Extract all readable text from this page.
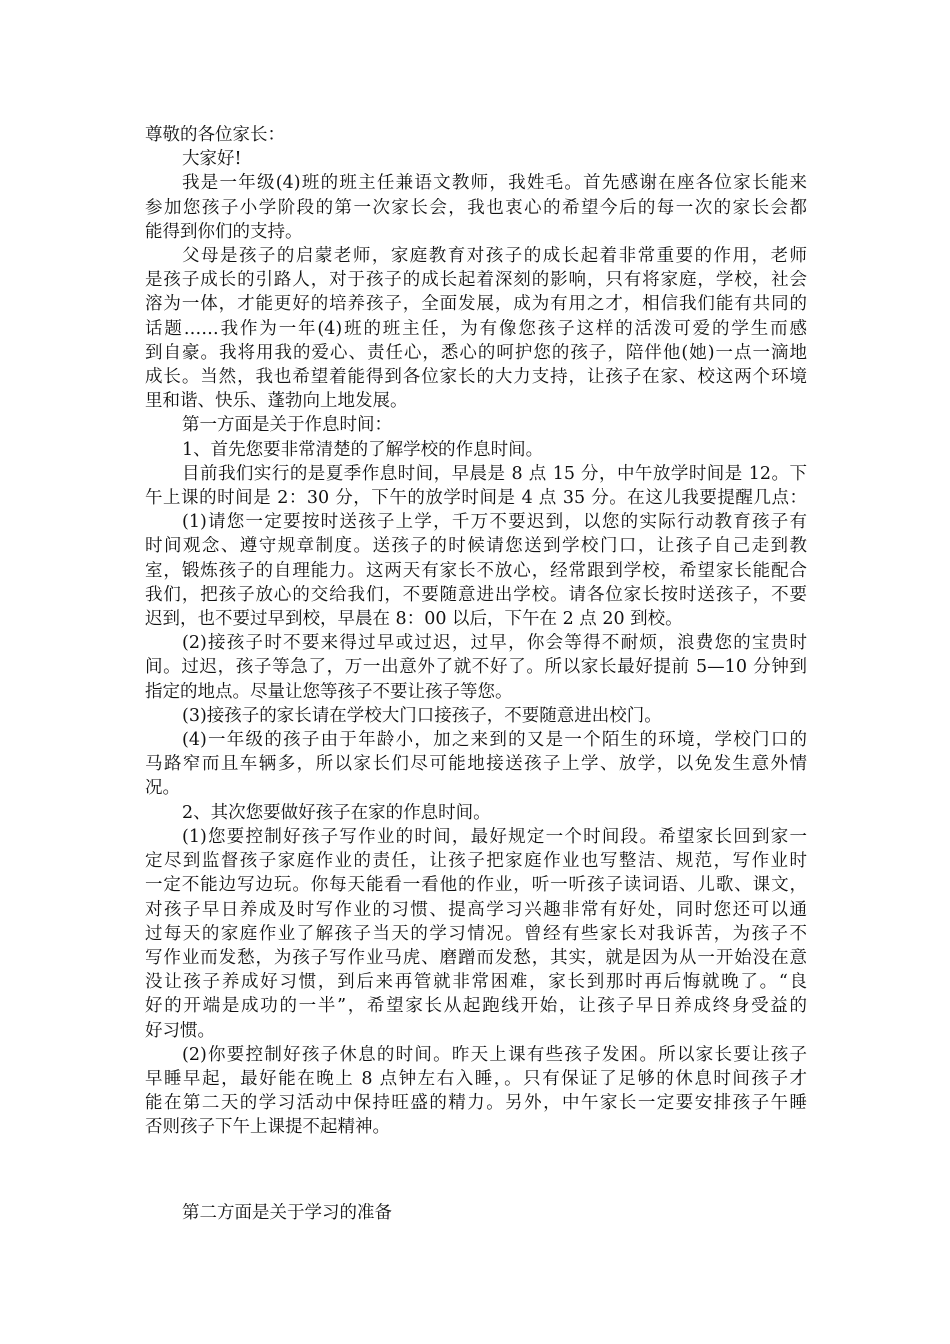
尊敬的各位家长：

大家好!

我是一年级(4)班的班主任兼语文教师，我姓毛。首先感谢在座各位家长能来

参加您孩子小学阶段的第一次家长会，我也衷心的希望今后的每一次的家长会都

能得到你们的支持。

父母是孩子的启蒙老师，家庭教育对孩子的成长起着非常重要的作用，老师

是孩子成长的引路人，对于孩子的成长起着深刻的影响，只有将家庭，学校，社会

溶为一体，才能更好的培养孩子，全面发展，成为有用之才，相信我们能有共同的

话题……我作为一年(4)班的班主任，为有像您孩子这样的活泼可爱的学生而感

到自豪。我将用我的爱心、责任心，悉心的呵护您的孩子，陪伴他(她)一点一滴地

成长。当然，我也希望着能得到各位家长的大力支持，让孩子在家、校这两个环境

里和谐、快乐、蓬勃向上地发展。

第一方面是关于作息时间：

1、首先您要非常清楚的了解学校的作息时间。

目前我们实行的是夏季作息时间，早晨是 8 点 15 分，中午放学时间是 12。下

午上课的时间是 2：30 分，下午的放学时间是 4 点 35 分。在这儿我要提醒几点：

(1)请您一定要按时送孩子上学，千万不要迟到，以您的实际行动教育孩子有

时间观念、遵守规章制度。送孩子的时候请您送到学校门口，让孩子自己走到教

室，锻炼孩子的自理能力。这两天有家长不放心，经常跟到学校，希望家长能配合

我们，把孩子放心的交给我们，不要随意进出学校。请各位家长按时送孩子，不要

迟到，也不要过早到校，早晨在 8：00 以后，下午在 2 点 20 到校。

(2)接孩子时不要来得过早或过迟，过早，你会等得不耐烦，浪费您的宝贵时

间。过迟，孩子等急了，万一出意外了就不好了。所以家长最好提前 5—10 分钟到

指定的地点。尽量让您等孩子不要让孩子等您。

(3)接孩子的家长请在学校大门口接孩子，不要随意进出校门。

(4)一年级的孩子由于年龄小，加之来到的又是一个陌生的环境，学校门口的

马路窄而且车辆多，所以家长们尽可能地接送孩子上学、放学，以免发生意外情

况。

2、其次您要做好孩子在家的作息时间。

(1)您要控制好孩子写作业的时间，最好规定一个时间段。希望家长回到家一

定尽到监督孩子家庭作业的责任，让孩子把家庭作业也写整洁、规范，写作业时

一定不能边写边玩。你每天能看一看他的作业，听一听孩子读词语、儿歌、课文，

对孩子早日养成及时写作业的习惯、提高学习兴趣非常有好处，同时您还可以通

过每天的家庭作业了解孩子当天的学习情况。曾经有些家长对我诉苦，为孩子不

写作业而发愁，为孩子写作业马虎、磨蹭而发愁，其实，就是因为从一开始没在意

没让孩子养成好习惯，到后来再管就非常困难，家长到那时再后悔就晚了。“良

好的开端是成功的一半”，希望家长从起跑线开始，让孩子早日养成终身受益的

好习惯。

(2)你要控制好孩子休息的时间。昨天上课有些孩子发困。所以家长要让孩子

早睡早起，最好能在晚上 8 点钟左右入睡，。只有保证了足够的休息时间孩子才

能在第二天的学习活动中保持旺盛的精力。另外，中午家长一定要安排孩子午睡

否则孩子下午上课提不起精神。

第二方面是关于学习的准备
